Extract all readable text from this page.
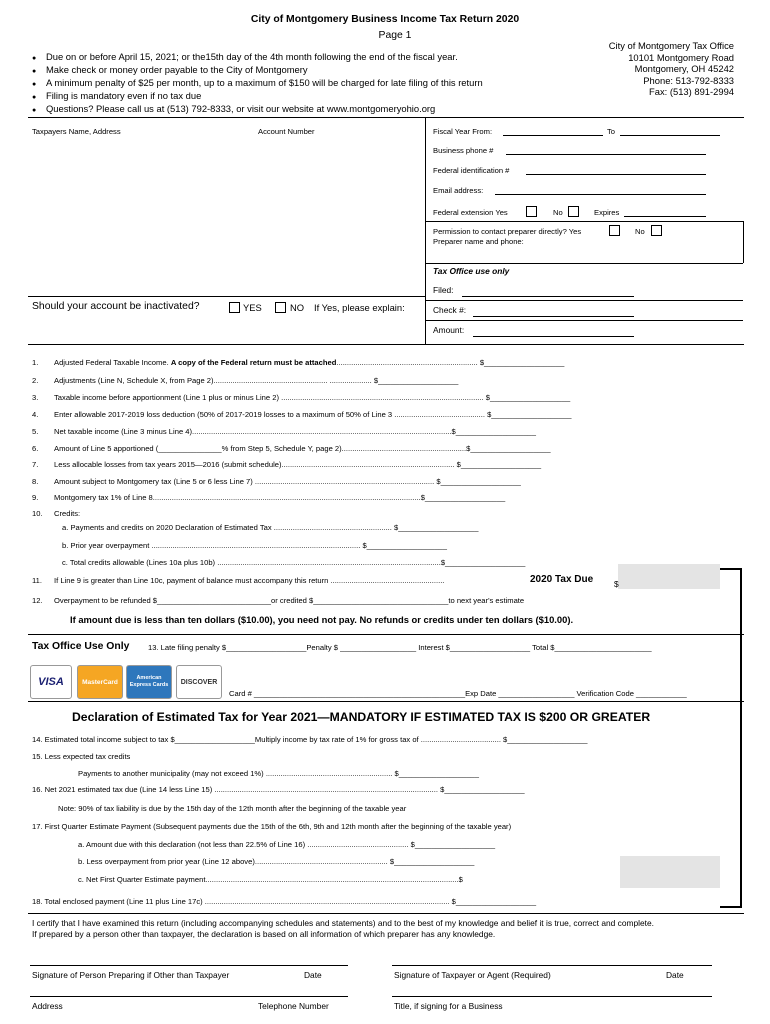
City of Montgomery Business Income Tax Return 2020
Page 1
● Due on or before April 15, 2021; or the15th day of the 4th month following the end of the fiscal year.
● Make check or money order payable to the City of Montgomery
● A minimum penalty of $25 per month, up to a maximum of $150 will be charged for late filing of this return
● Filing is mandatory even if no tax due
● Questions? Please call us at (513) 792-8333, or visit our website at www.montgomeryohio.org
City of Montgomery Tax Office
10101 Montgomery Road
Montgomery, OH 45242
Phone: 513-792-8333
Fax: (513) 891-2994
Taxpayers Name, Address	Account Number	Fiscal Year From:	To
Business phone #
Federal identification #
Email address:
Federal extension Yes	No	Expires
Permission to contact preparer directly? Yes	No
Preparer name and phone:
Tax Office use only
Filed:
Check #:
Amount:
Should your account be inactivated?	YES	NO If Yes, please explain:
1. Adjusted Federal Taxable Income. A copy of the Federal return must be attached................................................................... $___________________
2. Adjustments (Line N, Schedule X, from Page 2)...................................................... .................... $___________________
3. Taxable income before apportionment (Line 1 plus or minus Line 2) ................................................................................................ $___________________
4. Enter allowable 2017-2019 loss deduction (50% of 2017-2019 losses to a maximum of 50% of Line 3 ........................................... $___________________
5. Net taxable income (Line 3 minus Line 4)...........................................................................................................................$___________________
6. Amount of Line 5 apportioned (_______________% from Step 5, Schedule Y, page 2)...........................................................$___________________
7. Less allocable losses from tax years 2015—2016 (submit schedule).................................................................................. $___________________
8. Amount subject to Montgomery tax (Line 5 or 6 less Line 7) ..................................................................................... $___________________
9. Montgomery tax 1% of Line 8...............................................................................................................................$___________________
10. Credits:
a. Payments and credits on 2020 Declaration of Estimated Tax ........................................................ $___________________
b. Prior year overpayment ................................................................................................... $___________________
c. Total credits allowable (Lines 10a plus 10b) ..........................................................................................................$___________________
11. If Line 9 is greater than Line 10c, payment of balance must accompany this return ......................................................	2020 Tax Due $
12. Overpayment to be refunded $___________________________or credited $________________________________to next year's estimate
If amount due is less than ten dollars ($10.00), you need not pay. No refunds or credits under ten dollars ($10.00).
Tax Office Use Only 13. Late filing penalty $___________________Penalty $ __________________ Interest $___________________ Total $_______________________
VISA	MasterCard
American Express Cards	DISCOVER
Card # __________________________________________________Exp Date __________________ Verification Code ____________
Declaration of Estimated Tax for Year 2021—MANDATORY IF ESTIMATED TAX IS $200 OR GREATER
14. Estimated total income subject to tax $___________________Multiply income by tax rate of 1% for gross tax of ...................................... $___________________
15. Less expected tax credits
Payments to another municipality (may not exceed 1%) ............................................................ $___________________
16. Net 2021 estimated tax due (Line 14 less Line 15) .......................................................................................................... $___________________
Note: 90% of tax liability is due by the 15th day of the 12th month after the beginning of the taxable year
17. First Quarter Estimate Payment (Subsequent payments due the 15th of the 6th, 9th and 12th month after the beginning of the taxable year)
a. Amount due with this declaration (not less than 22.5% of Line 16) ................................................ $___________________
b. Less overpayment from prior year (Line 12 above)............................................................... $___________________
c. Net First Quarter Estimate payment........................................................................................................................$
18. Total enclosed payment (Line 11 plus Line 17c) .................................................................................................................... $___________________
I certify that I have examined this return (including accompanying schedules and statements) and to the best of my knowledge and belief it is true, correct and complete.
If prepared by a person other than taxpayer, the declaration is based on all information of which preparer has any knowledge.
Signature of Person Preparing if Other than Taxpayer	Date	Signature of Taxpayer or Agent (Required)	Date
Address	Telephone Number	Title, if signing for a Business
